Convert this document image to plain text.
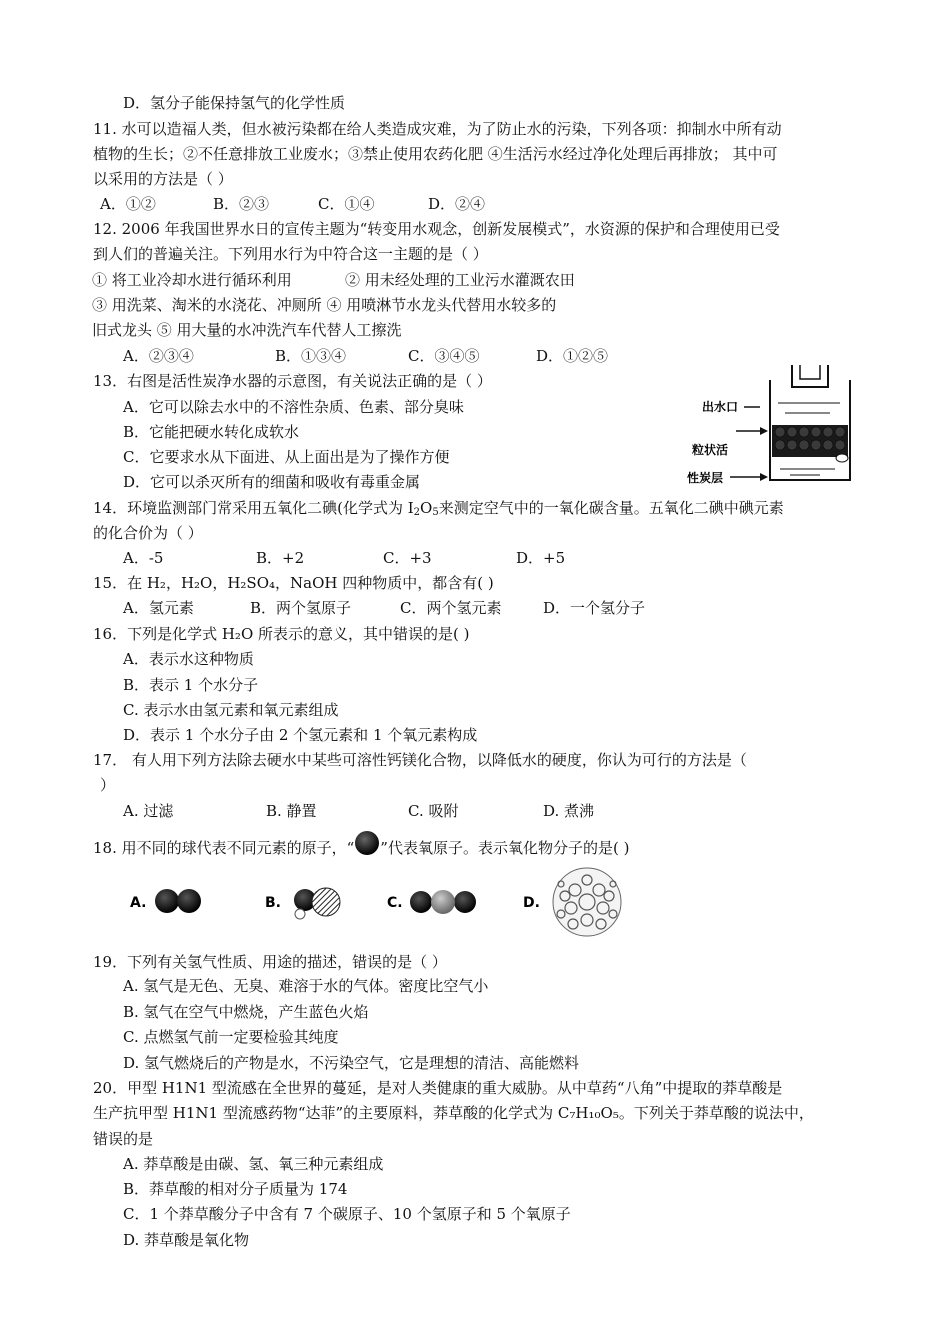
D．氢分子能保持氢气的化学性质
11. 水可以造福人类，但水被污染都在给人类造成灾难，为了防止水的污染，下列各项：抑制水中所有动
植物的生长；②不任意排放工业废水；③禁止使用农药化肥 ④生活污水经过净化处理后再排放； 其中可
以采用的方法是（ ）
A．①②	B．②③	C．①④	D．②④
12. 2006 年我国世界水日的宣传主题为“转变用水观念，创新发展模式”，水资源的保护和合理使用已受
到人们的普遍关注。下列用水行为中符合这一主题的是（ ）
① 将工业冷却水进行循环利用	② 用未经处理的工业污水灌溉农田
③ 用洗菜、淘米的水浇花、冲厕所 ④ 用喷淋节水龙头代替用水较多的
旧式龙头 ⑤ 用大量的水冲洗汽车代替人工擦洗
A．②③④	B．①③④	C．③④⑤	D．①②⑤
13．右图是活性炭净水器的示意图，有关说法正确的是（ ）
A．它可以除去水中的不溶性杂质、色素、部分臭味
B．它能把硬水转化成软水
C．它要求水从下面进、从上面出是为了操作方便
D．它可以杀灭所有的细菌和吸收有毒重金属
出水口
粒状活
性炭层
14．环境监测部门常采用五氧化二碘(化学式为 $I_2O_5$来测定空气中的一氧化碳含量。五氧化二碘中碘元素
的化合价为（ ）
A．-5	B．+2	C．+3	D．+5
15．在 H₂，H₂O，H₂SO₄，NaOH 四种物质中，都含有( )
A．氢元素	B．两个氢原子	C．两个氢元素	D．一个氢分子
16．下列是化学式 H₂O 所表示的意义，其中错误的是( )
A．表示水这种物质
B．表示 1 个水分子
C. 表示水由氢元素和氧元素组成
D．表示 1 个水分子由 2 个氢元素和 1 个氧元素构成
17． 有人用下列方法除去硬水中某些可溶性钙镁化合物，以降低水的硬度，你认为可行的方法是（
）
A. 过滤	B. 静置	C. 吸附	D. 煮沸
18. 用不同的球代表不同元素的原子，“ ”代表氧原子。表示氧化物分子的是( )
A.	B.	C.	D.
19．下列有关氢气性质、用途的描述，错误的是（ ）
A. 氢气是无色、无臭、难溶于水的气体。密度比空气小
B. 氢气在空气中燃烧，产生蓝色火焰
C. 点燃氢气前一定要检验其纯度
D. 氢气燃烧后的产物是水，不污染空气，它是理想的清洁、高能燃料
20．甲型 H1N1 型流感在全世界的蔓延，是对人类健康的重大威胁。从中草药“八角”中提取的莽草酸是
生产抗甲型 H1N1 型流感药物“达菲”的主要原料，莽草酸的化学式为 C₇H₁₀O₅。下列关于莽草酸的说法中，
错误的是
A. 莽草酸是由碳、氢、氧三种元素组成
B．莽草酸的相对分子质量为 174
C．1 个莽草酸分子中含有 7 个碳原子、10 个氢原子和 5 个氧原子
D. 莽草酸是氧化物
